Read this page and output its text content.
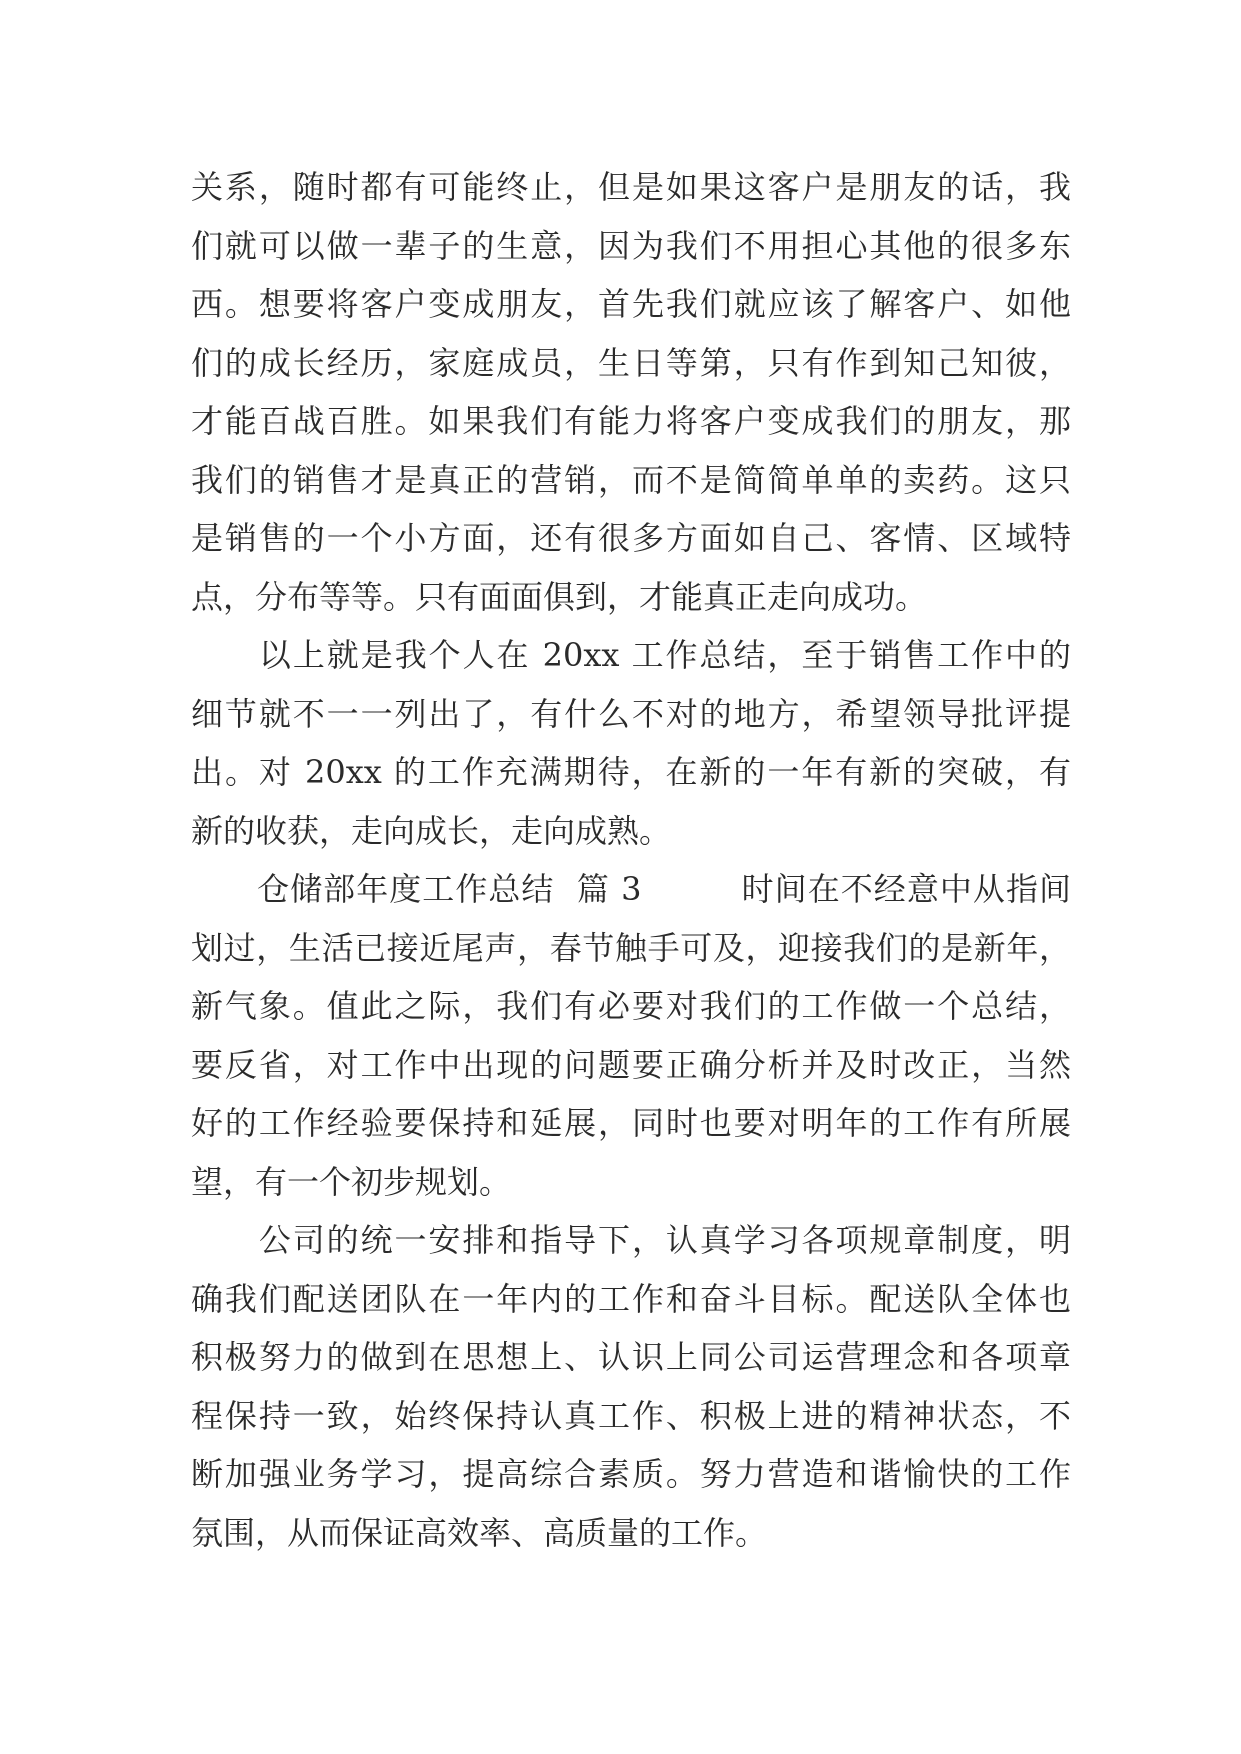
关系，随时都有可能终止，但是如果这客户是朋友的话，我
们就可以做一辈子的生意，因为我们不用担心其他的很多东
西。想要将客户变成朋友，首先我们就应该了解客户、如他
们的成长经历，家庭成员，生日等第，只有作到知己知彼，
才能百战百胜。如果我们有能力将客户变成我们的朋友，那
我们的销售才是真正的营销，而不是简简单单的卖药。这只
是销售的一个小方面，还有很多方面如自己、客情、区域特
点，分布等等。只有面面俱到，才能真正走向成功。
　　以上就是我个人在 20xx 工作总结，至于销售工作中的
细节就不一一列出了，有什么不对的地方，希望领导批评提
出。对 20xx 的工作充满期待，在新的一年有新的突破，有
新的收获，走向成长，走向成熟。
　　仓储部年度工作总结  篇 3　　　时间在不经意中从指间
划过，生活已接近尾声，春节触手可及，迎接我们的是新年，
新气象。值此之际，我们有必要对我们的工作做一个总结，
要反省，对工作中出现的问题要正确分析并及时改正，当然
好的工作经验要保持和延展，同时也要对明年的工作有所展
望，有一个初步规划。
　　公司的统一安排和指导下，认真学习各项规章制度，明
确我们配送团队在一年内的工作和奋斗目标。配送队全体也
积极努力的做到在思想上、认识上同公司运营理念和各项章
程保持一致，始终保持认真工作、积极上进的精神状态，不
断加强业务学习，提高综合素质。努力营造和谐愉快的工作
氛围，从而保证高效率、高质量的工作。
